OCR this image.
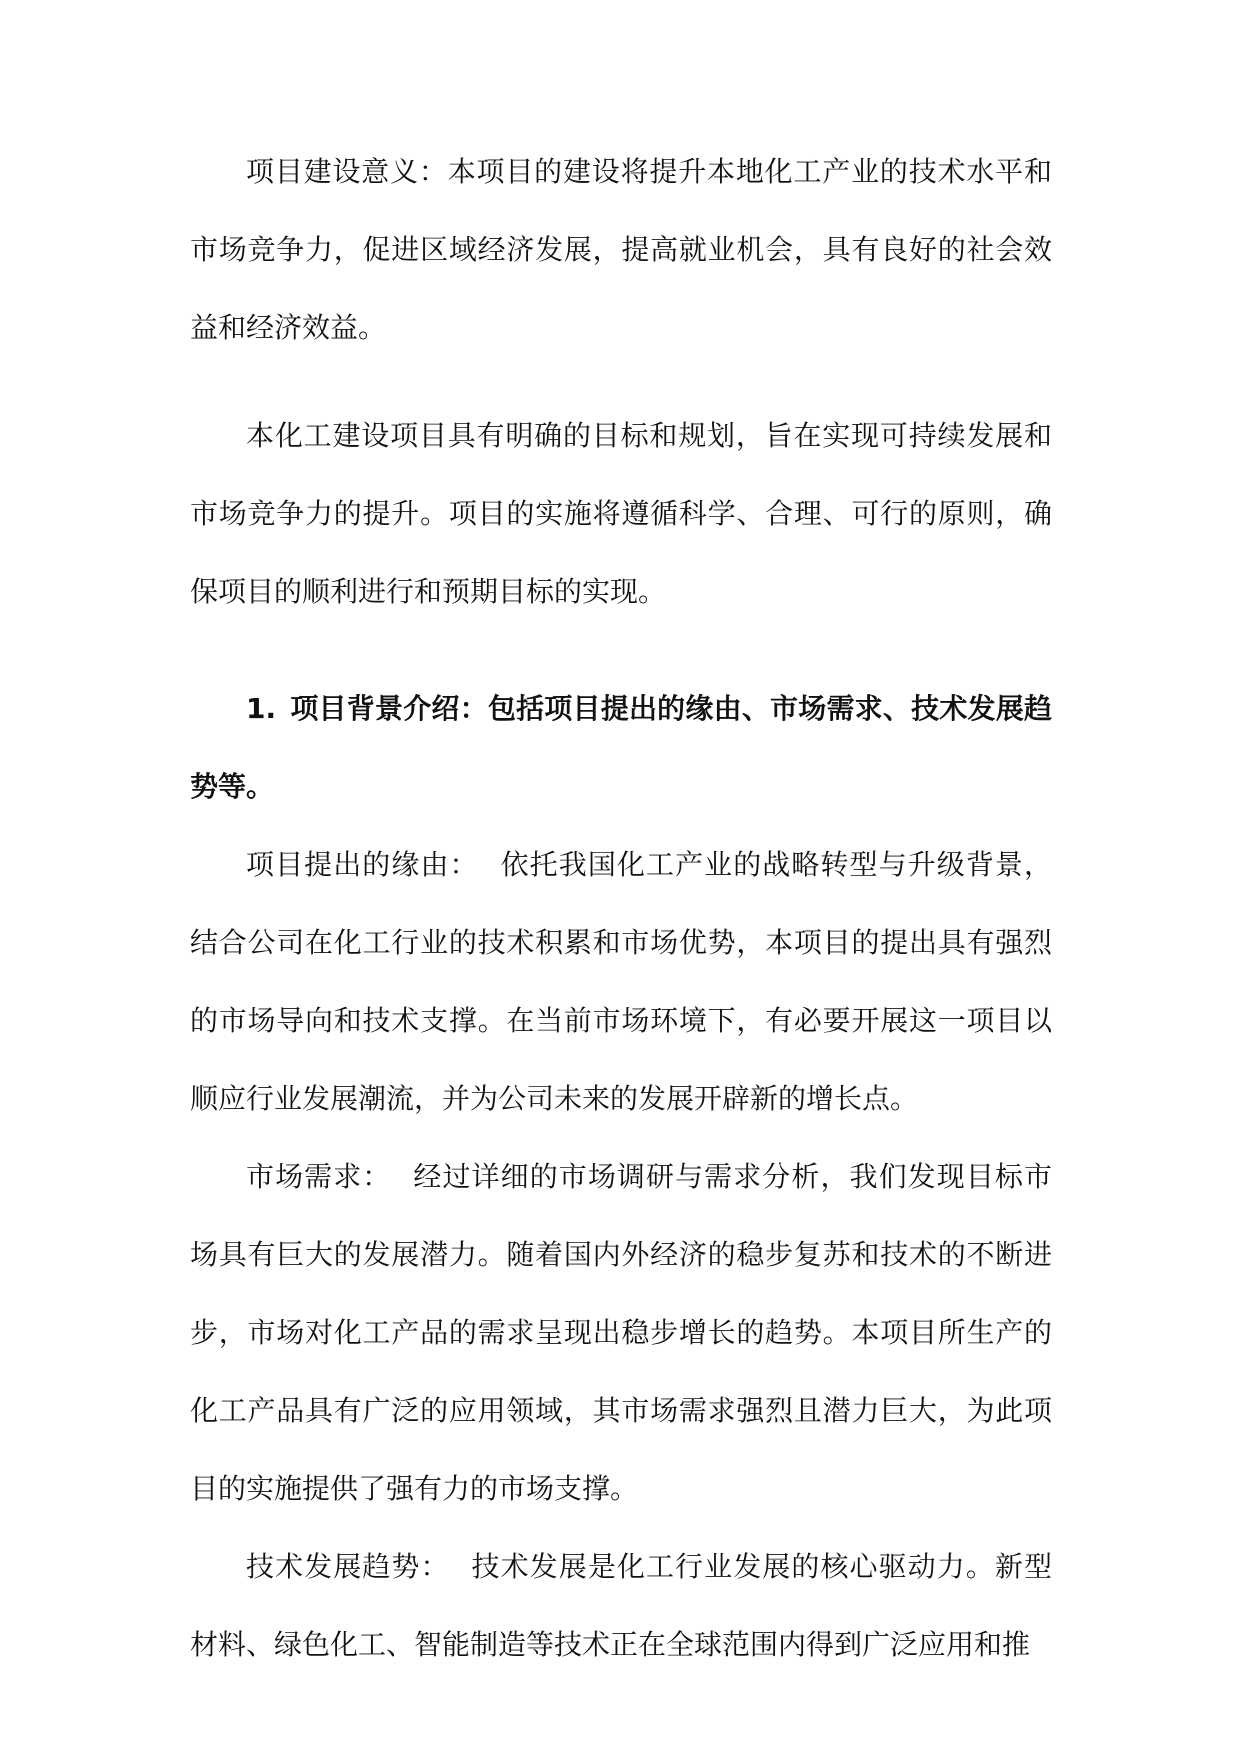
项目建设意义：本项目的建设将提升本地化工产业的技术水平和市场竞争力，促进区域经济发展，提高就业机会，具有良好的社会效益和经济效益。

本化工建设项目具有明确的目标和规划，旨在实现可持续发展和市场竞争力的提升。项目的实施将遵循科学、合理、可行的原则，确保项目的顺利进行和预期目标的实现。

1. 项目背景介绍：包括项目提出的缘由、市场需求、技术发展趋势等。

项目提出的缘由： 依托我国化工产业的战略转型与升级背景，结合公司在化工行业的技术积累和市场优势，本项目的提出具有强烈的市场导向和技术支撑。在当前市场环境下，有必要开展这一项目以顺应行业发展潮流，并为公司未来的发展开辟新的增长点。

市场需求： 经过详细的市场调研与需求分析，我们发现目标市场具有巨大的发展潜力。随着国内外经济的稳步复苏和技术的不断进步，市场对化工产品的需求呈现出稳步增长的趋势。本项目所生产的化工产品具有广泛的应用领域，其市场需求强烈且潜力巨大，为此项目的实施提供了强有力的市场支撑。

技术发展趋势： 技术发展是化工行业发展的核心驱动力。新型材料、绿色化工、智能制造等技术正在全球范围内得到广泛应用和推
